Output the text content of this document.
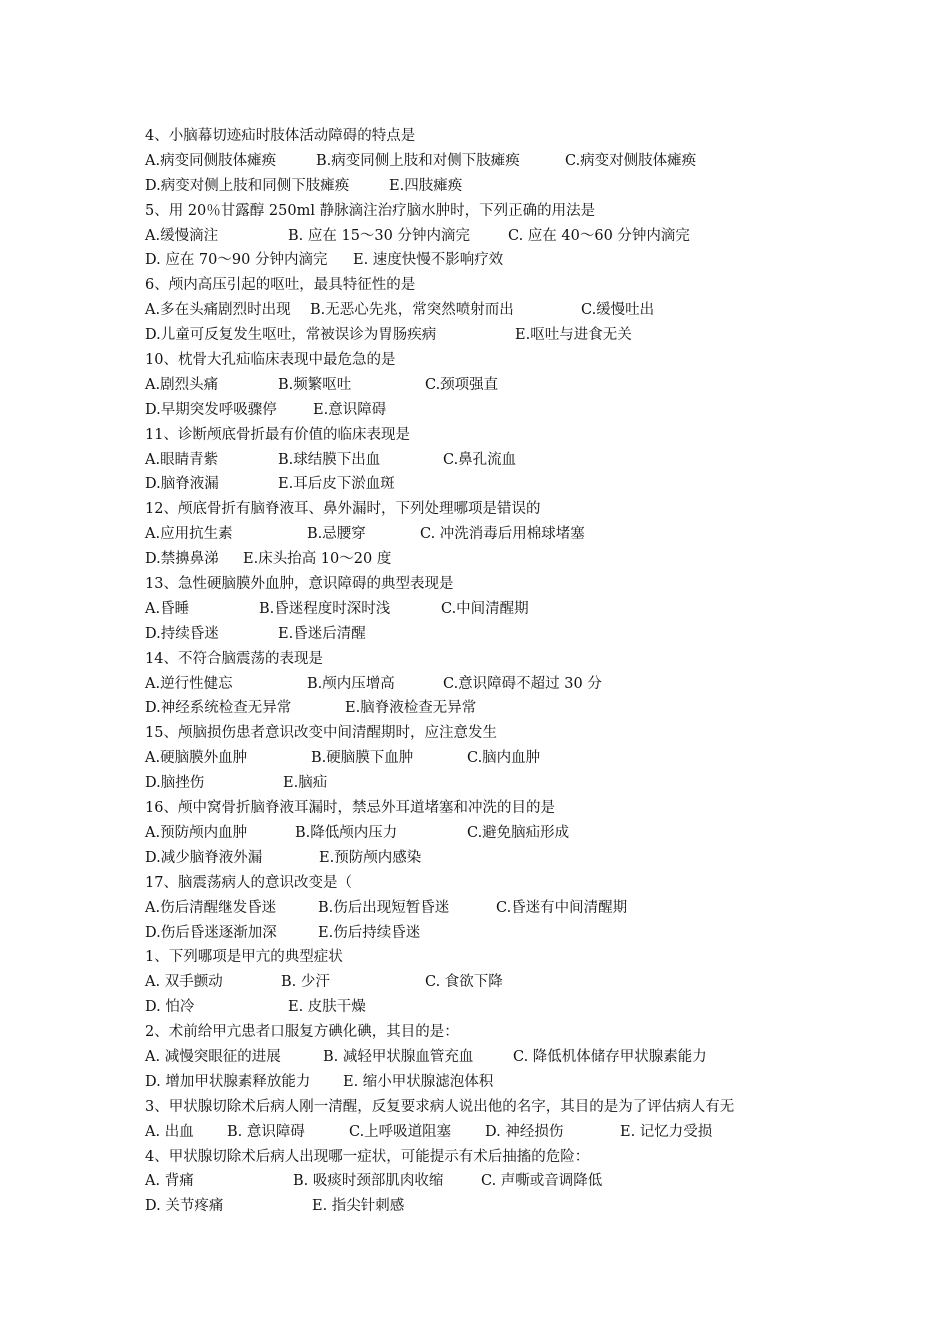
4、小脑幕切迹疝时肢体活动障碍的特点是
A.病变同侧肢体瘫痪	B.病变同侧上肢和对侧下肢瘫痪	C.病变对侧肢体瘫痪
D.病变对侧上肢和同侧下肢瘫痪	E.四肢瘫痪
5、用 20％甘露醇 250ml 静脉滴注治疗脑水肿时，下列正确的用法是
A.缓慢滴注	B. 应在 15～30 分钟内滴完	C. 应在 40～60 分钟内滴完
D. 应在 70～90 分钟内滴完 E. 速度快慢不影响疗效
6、颅内高压引起的呕吐，最具特征性的是
A.多在头痛剧烈时出现 B.无恶心先兆，常突然喷射而出	C.缓慢吐出
D.儿童可反复发生呕吐，常被误诊为胃肠疾病	E.呕吐与进食无关
10、枕骨大孔疝临床表现中最危急的是
A.剧烈头痛	B.频繁呕吐	C.颈项强直
D.早期突发呼吸骤停	E.意识障碍
11、诊断颅底骨折最有价值的临床表现是
A.眼睛青紫	B.球结膜下出血	C.鼻孔流血
D.脑脊液漏	E.耳后皮下淤血斑
12、颅底骨折有脑脊液耳、鼻外漏时，下列处理哪项是错误的
A.应用抗生素	B.忌腰穿	C. 冲洗消毒后用棉球堵塞
D.禁擤鼻涕 E.床头抬高 10～20 度
13、急性硬脑膜外血肿，意识障碍的典型表现是
A.昏睡	B.昏迷程度时深时浅	C.中间清醒期
D.持续昏迷	E.昏迷后清醒
14、不符合脑震荡的表现是
A.逆行性健忘	B.颅内压增高	C.意识障碍不超过 30 分
D.神经系统检查无异常	E.脑脊液检查无异常
15、颅脑损伤患者意识改变中间清醒期时，应注意发生
A.硬脑膜外血肿	B.硬脑膜下血肿	C.脑内血肿
D.脑挫伤	E.脑疝
16、颅中窝骨折脑脊液耳漏时，禁忌外耳道堵塞和冲洗的目的是
A.预防颅内血肿	B.降低颅内压力	C.避免脑疝形成
D.减少脑脊液外漏	E.预防颅内感染
17、脑震荡病人的意识改变是（
A.伤后清醒继发昏迷	B.伤后出现短暂昏迷	C.昏迷有中间清醒期
D.伤后昏迷逐渐加深	E.伤后持续昏迷
1、下列哪项是甲亢的典型症状
A. 双手颤动	B. 少汗	C. 食欲下降
D. 怕冷	E. 皮肤干燥
2、术前给甲亢患者口服复方碘化碘，其目的是：
A. 减慢突眼征的进展	B. 减轻甲状腺血管充血	C. 降低机体储存甲状腺素能力
D. 增加甲状腺素释放能力 E. 缩小甲状腺滤泡体积
3、甲状腺切除术后病人刚一清醒，反复要求病人说出他的名字，其目的是为了评估病人有无
A. 出血 B. 意识障碍	C.上呼吸道阻塞 D. 神经损伤	E. 记忆力受损
4、甲状腺切除术后病人出现哪一症状，可能提示有术后抽搐的危险：
A. 背痛	B. 吸痰时颈部肌肉收缩	C. 声嘶或音调降低
D. 关节疼痛	E. 指尖针刺感
